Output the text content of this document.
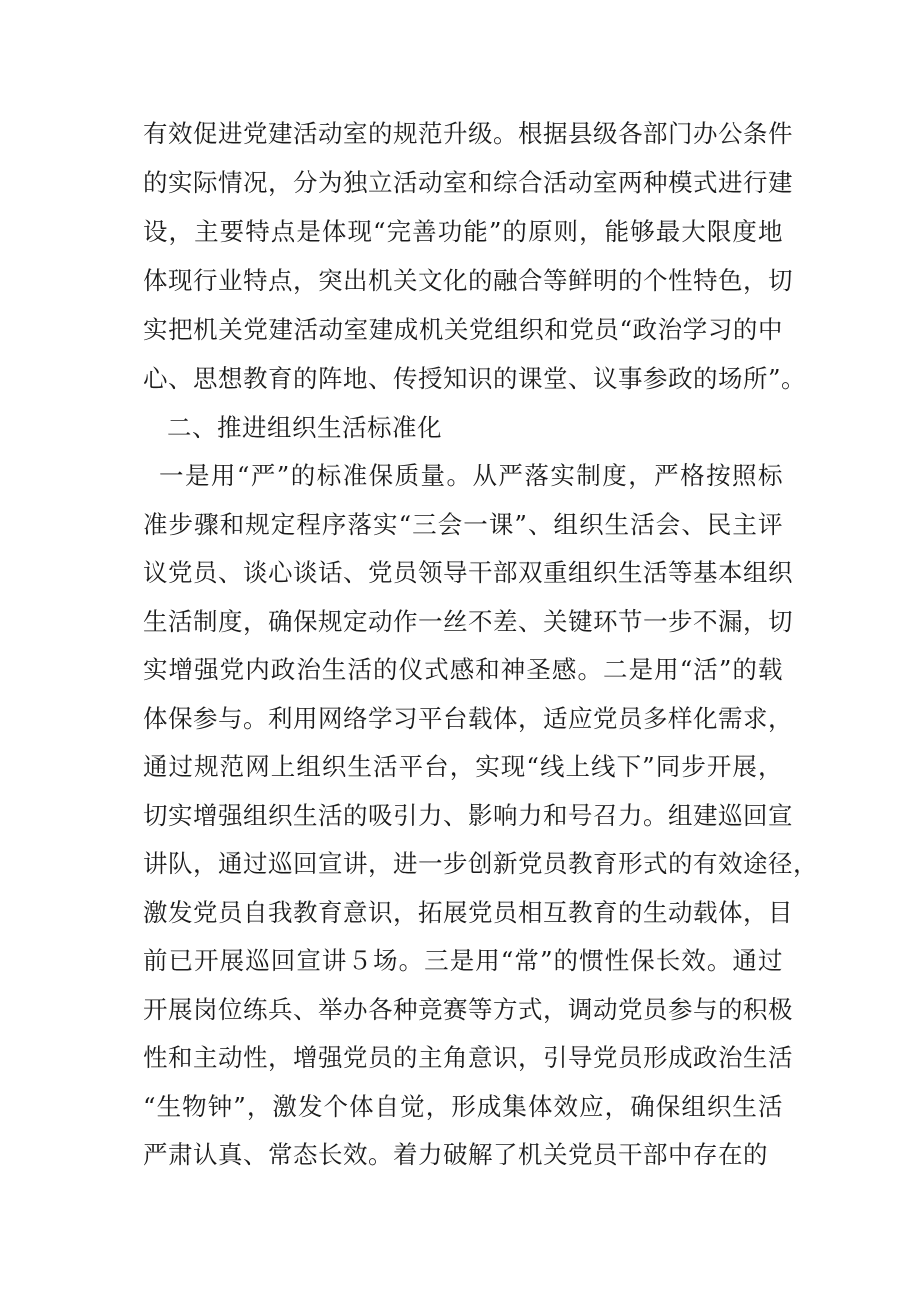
有效促进党建活动室的规范升级。根据县级各部门办公条件
的实际情况，分为独立活动室和综合活动室两种模式进行建
设，主要特点是体现“完善功能”的原则，能够最大限度地
体现行业特点，突出机关文化的融合等鲜明的个性特色，切
实把机关党建活动室建成机关党组织和党员“政治学习的中
心、思想教育的阵地、传授知识的课堂、议事参政的场所”。
二、推进组织生活标准化
一是用“严”的标准保质量。从严落实制度，严格按照标
准步骤和规定程序落实“三会一课”、组织生活会、民主评
议党员、谈心谈话、党员领导干部双重组织生活等基本组织
生活制度，确保规定动作一丝不差、关键环节一步不漏，切
实增强党内政治生活的仪式感和神圣感。二是用“活”的载
体保参与。利用网络学习平台载体，适应党员多样化需求，
通过规范网上组织生活平台，实现“线上线下”同步开展，
切实增强组织生活的吸引力、影响力和号召力。组建巡回宣
讲队，通过巡回宣讲，进一步创新党员教育形式的有效途径，
激发党员自我教育意识，拓展党员相互教育的生动载体，目
前已开展巡回宣讲５场。三是用“常”的惯性保长效。通过
开展岗位练兵、举办各种竞赛等方式，调动党员参与的积极
性和主动性，增强党员的主角意识，引导党员形成政治生活
“生物钟”，激发个体自觉，形成集体效应，确保组织生活
严肃认真、常态长效。着力破解了机关党员干部中存在的
